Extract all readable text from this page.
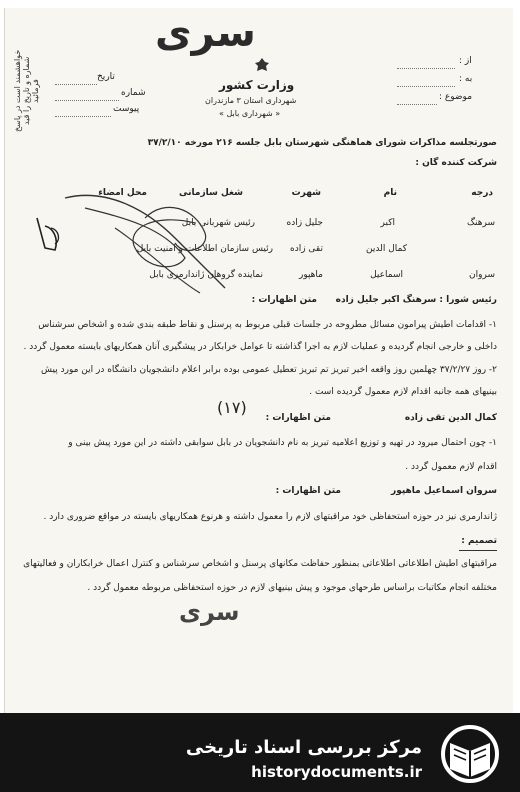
خواهشمند است در پاسخ شماره و تاریخ را قید فرمائید
سری
تاریخ
شماره
پیوست
وزارت کشور
شهرداری استان ۳ مازندران
« شهرداری بابل »
از :
به :
موضوع :
صورتجلسه مذاکرات شورای هماهنگی شهرستان بابل جلسه ۲۱۶ مورخه ۳۷/۲/۱۰
شرکت کننده گان :
درجه
نام
شهرت
شغل سازمانی
محل امضاء
سرهنگ
اکبر
جلیل زاده
رئیس شهربانی بابل
کمال الدین
تقی زاده
رئیس سازمان اطلاعات و امنیت بابل
سروان
اسماعیل
ماهپور
نماینده گروهان ژاندارمری بابل
رئیس شورا : سرهنگ اکبر جلیل زاده
متن اظهارات :
۱- اقدامات اطیش پیرامون مسائل مطروحه در جلسات قبلی مربوط به پرسنل و نقاط طبقه بندی شده و اشخاص سرشناس
داخلی و خارجی انجام گردیده و عملیات لازم به اجرا گذاشته تا عوامل خرابکار در پیشگیری آنان همکاریهای بایسته معمول گردد .
۲- روز ۳۷/۲/۲۷ چهلمین روز واقعه اخیر تبریز تم تبریز تعطیل عمومی بوده برابر اعلام دانشجویان دانشگاه در این مورد پیش
بینیهای همه جانبه اقدام لازم معمول گردیده است .
(١٧)
کمال الدین تقی زاده
متن اظهارات :
۱- چون احتمال میرود در تهیه و توزیع اعلامیه تبریز به نام دانشجویان در بابل سوابقی داشته در این مورد پیش بینی و
اقدام لازم معمول گردد .
سروان اسماعیل ماهپور
متن اظهارات :
ژاندارمری نیز در حوزه استحفاظی خود مراقبتهای لازم را معمول داشته و هرنوع همکاریهای بایسته در مواقع ضروری دارد .
تصمیم :
مراقبتهای اطیش اطلاعاتی اطلاعاتی بمنظور حفاظت مکانهای پرسنل و اشخاص سرشناس و کنترل اعمال خرابکاران و فعالیتهای
مختلفه انجام مکاتبات براساس طرحهای موجود و پیش بینیهای لازم در حوزه استحفاظی مربوطه معمول گردد .
سری
مرکز بررسی اسناد تاریخی
historydocuments.ir
